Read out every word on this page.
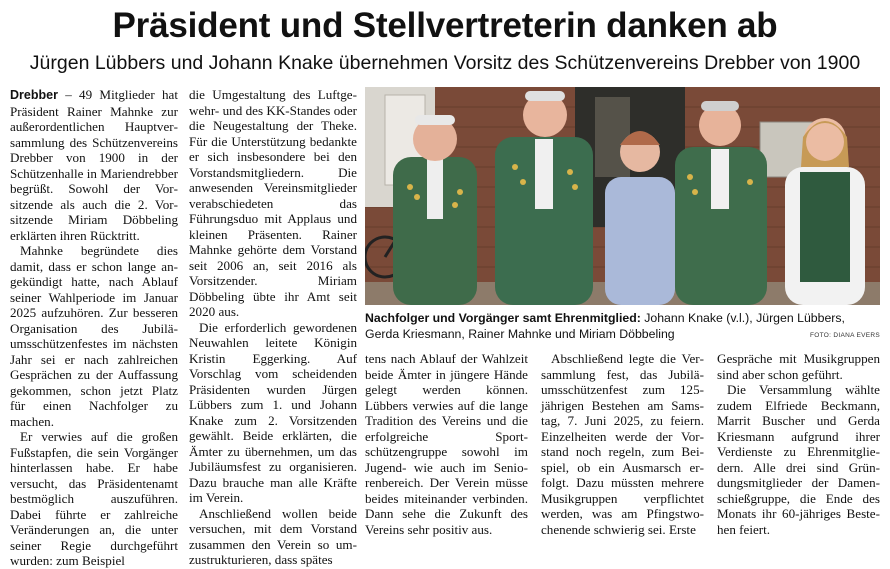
Präsident und Stellvertreterin danken ab
Jürgen Lübbers und Johann Knake übernehmen Vorsitz des Schützenvereins Drebber von 1900

Drebber – 49 Mitglieder hat Präsident Rainer Mahnke zur außerordentlichen Hauptversammlung des Schützenvereins Drebber von 1900 in der Schützenhalle in Mariendrebber begrüßt. Sowohl der Vorsitzende als auch die 2. Vorsitzende Miriam Döbbeling erklärten ihren Rücktritt.

Mahnke begründete dies damit, dass er schon lange angekündigt hatte, nach Ablauf seiner Wahlperiode im Januar 2025 aufzuhören. Zur besseren Organisation des Jubiläumsschützenfestes im nächsten Jahr sei er nach zahlreichen Gesprächen zu der Auffassung gekommen, schon jetzt Platz für einen Nachfolger zu machen.

Er verwies auf die großen Fußstapfen, die sein Vorgänger hinterlassen habe. Er habe versucht, das Präsidentenamt bestmöglich auszuführen. Dabei führte er zahlreiche Veränderungen an, die unter seiner Regie durchgeführt wurden: zum Beispiel

die Umgestaltung des Luftgewehr- und des KK-Standes oder die Neugestaltung der Theke. Für die Unterstützung bedankte er sich insbesondere bei den Vorstandsmitgliedern. Die anwesenden Vereinsmitglieder verabschiedeten das Führungsduo mit Applaus und kleinen Präsenten. Rainer Mahnke gehörte dem Vorstand seit 2006 an, seit 2016 als Vorsitzender. Miriam Döbbeling übte ihr Amt seit 2020 aus.

Die erforderlich gewordenen Neuwahlen leitete Königin Kristin Eggerking. Auf Vorschlag vom scheidenden Präsidenten wurden Jürgen Lübbers zum 1. und Johann Knake zum 2. Vorsitzenden gewählt. Beide erklärten, die Ämter zu übernehmen, um das Jubiläumsfest zu organisieren. Dazu brauche man alle Kräfte im Verein.

Anschließend wollen beide versuchen, mit dem Vorstand zusammen den Verein so umzustrukturieren, dass spätes

Nachfolger und Vorgänger samt Ehrenmitglied: Johann Knake (v.l.), Jürgen Lübbers, Gerda Kriesmann, Rainer Mahnke und Miriam Döbbeling	FOTO: DIANA EVERS

tens nach Ablauf der Wahlzeit beide Ämter in jüngere Hände gelegt werden können. Lübbers verwies auf die lange Tradition des Vereins und die erfolgreiche Sportschützengruppe sowohl im Jugend- wie auch im Seniorenbereich. Der Verein müsse beides miteinander verbinden. Dann sehe die Zukunft des Vereins sehr positiv aus.

Abschließend legte die Versammlung fest, das Jubiläumsschützenfest zum 125-jährigen Bestehen am Samstag, 7. Juni 2025, zu feiern. Einzelheiten werde der Vorstand noch regeln, zum Beispiel, ob ein Ausmarsch erfolgt. Dazu müssten mehrere Musikgruppen verpflichtet werden, was am Pfingstwochenende schwierig sei. Erste

Gespräche mit Musikgruppen sind aber schon geführt.

Die Versammlung wählte zudem Elfriede Beckmann, Marrit Buscher und Gerda Kriesmann aufgrund ihrer Verdienste zu Ehrenmitgliedern. Alle drei sind Gründungsmitglieder der Damenschießgruppe, die Ende des Monats ihr 60-jähriges Bestehen feiert.
